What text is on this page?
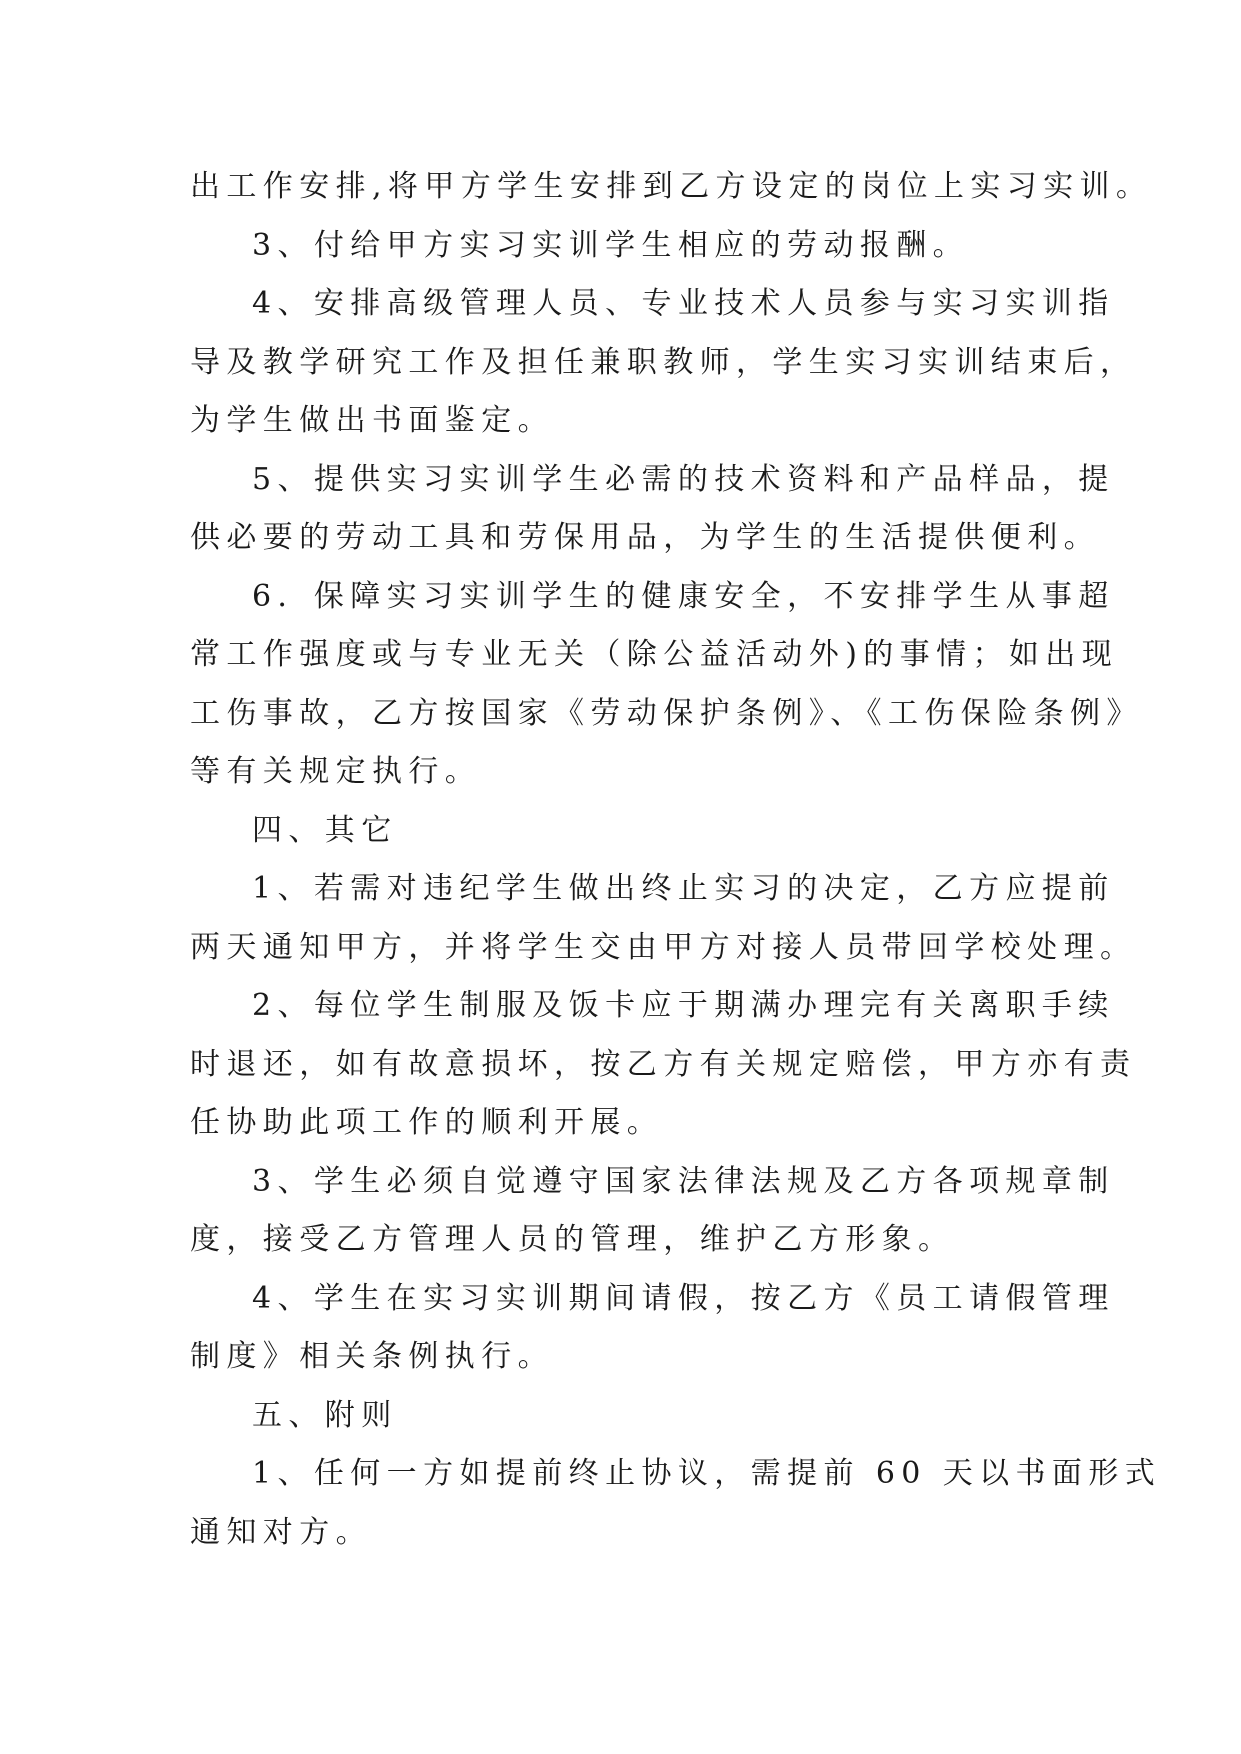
出工作安排,将甲方学生安排到乙方设定的岗位上实习实训。
3、付给甲方实习实训学生相应的劳动报酬。
4、安排高级管理人员、专业技术人员参与实习实训指
导及教学研究工作及担任兼职教师，学生实习实训结束后，
为学生做出书面鉴定。
5、提供实习实训学生必需的技术资料和产品样品，提
供必要的劳动工具和劳保用品，为学生的生活提供便利。
6．保障实习实训学生的健康安全，不安排学生从事超
常工作强度或与专业无关（除公益活动外)的事情；如出现
工伤事故，乙方按国家《劳动保护条例》、《工伤保险条例》
等有关规定执行。
四、其它
1、若需对违纪学生做出终止实习的决定，乙方应提前
两天通知甲方，并将学生交由甲方对接人员带回学校处理。
2、每位学生制服及饭卡应于期满办理完有关离职手续
时退还，如有故意损坏，按乙方有关规定赔偿，甲方亦有责
任协助此项工作的顺利开展。
3、学生必须自觉遵守国家法律法规及乙方各项规章制
度，接受乙方管理人员的管理，维护乙方形象。
4、学生在实习实训期间请假，按乙方《员工请假管理
制度》相关条例执行。
五、附则
1、任何一方如提前终止协议，需提前 60 天以书面形式
通知对方。
